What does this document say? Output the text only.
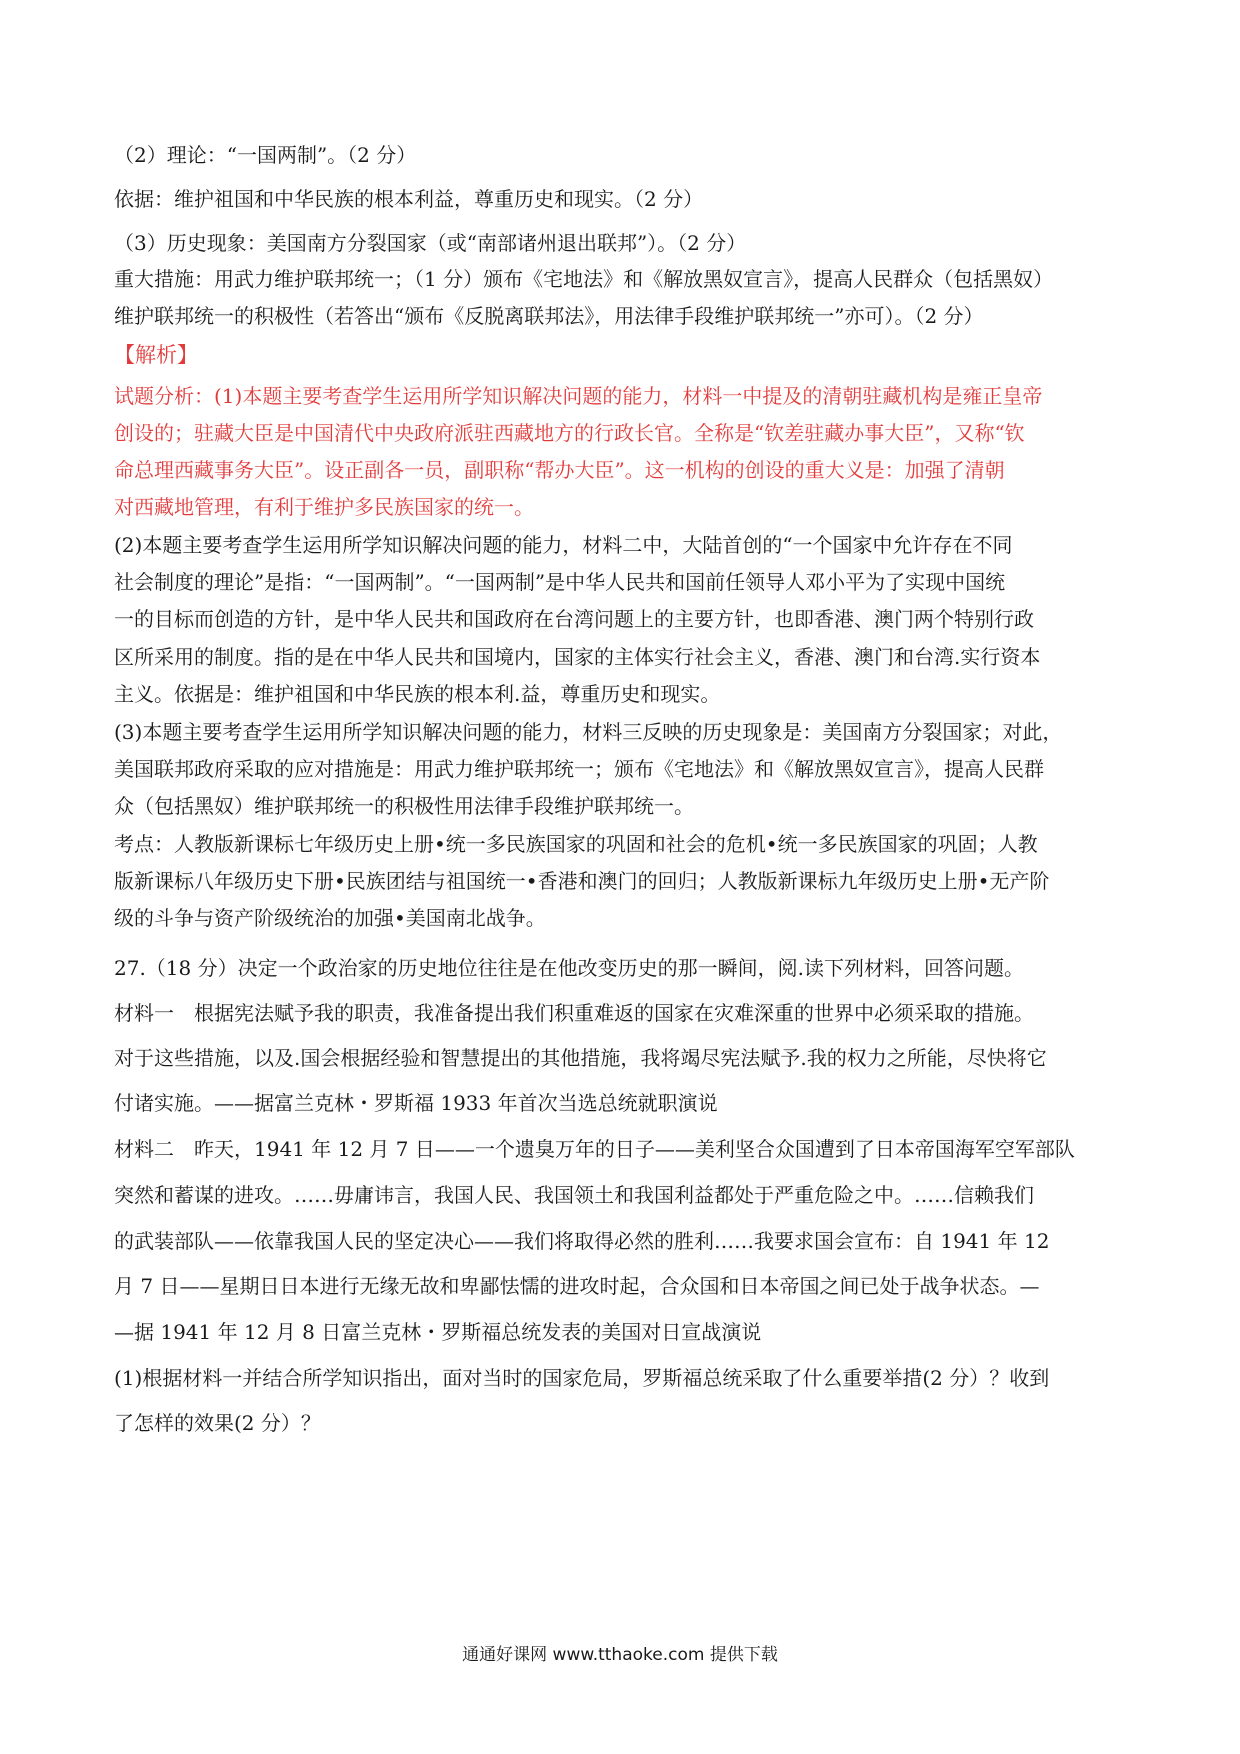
（2）理论：“一国两制”。（2 分）
依据：维护祖国和中华民族的根本利益，尊重历史和现实。（2 分）
（3）历史现象：美国南方分裂国家（或“南部诸州退出联邦”）。（2 分）
重大措施：用武力维护联邦统一；（1 分）颁布《宅地法》和《解放黑奴宣言》，提高人民群众（包括黑奴）
维护联邦统一的积极性（若答出“颁布《反脱离联邦法》，用法律手段维护联邦统一”亦可）。（2 分）
【解析】
试题分析：(1)本题主要考查学生运用所学知识解决问题的能力，材料一中提及的清朝驻藏机构是雍正皇帝
创设的；驻藏大臣是中国清代中央政府派驻西藏地方的行政长官。全称是“钦差驻藏办事大臣”，又称“钦
命总理西藏事务大臣”。设正副各一员，副职称“帮办大臣”。这一机构的创设的重大义是：加强了清朝
对西藏地管理，有利于维护多民族国家的统一。
(2)本题主要考查学生运用所学知识解决问题的能力，材料二中，大陆首创的“一个国家中允许存在不同
社会制度的理论”是指：“一国两制”。“一国两制”是中华人民共和国前任领导人邓小平为了实现中国统
一的目标而创造的方针，是中华人民共和国政府在台湾问题上的主要方针，也即香港、澳门两个特别行政
区所采用的制度。指的是在中华人民共和国境内，国家的主体实行社会主义，香港、澳门和台湾.实行资本
主义。依据是：维护祖国和中华民族的根本利.益，尊重历史和现实。
(3)本题主要考查学生运用所学知识解决问题的能力，材料三反映的历史现象是：美国南方分裂国家；对此，
美国联邦政府采取的应对措施是：用武力维护联邦统一；颁布《宅地法》和《解放黑奴宣言》，提高人民群
众（包括黑奴）维护联邦统一的积极性用法律手段维护联邦统一。
考点：人教版新课标七年级历史上册•统一多民族国家的巩固和社会的危机•统一多民族国家的巩固；人教
版新课标八年级历史下册•民族团结与祖国统一•香港和澳门的回归；人教版新课标九年级历史上册•无产阶
级的斗争与资产阶级统治的加强•美国南北战争。
27.（18 分）决定一个政治家的历史地位往往是在他改变历史的那一瞬间，阅.读下列材料，回答问题。
材料一　根据宪法赋予我的职责，我准备提出我们积重难返的国家在灾难深重的世界中必须采取的措施。
对于这些措施，以及.国会根据经验和智慧提出的其他措施，我将竭尽宪法赋予.我的权力之所能，尽快将它
付诸实施。——据富兰克林・罗斯福 1933 年首次当选总统就职演说
材料二　昨天，1941 年 12 月 7 日——一个遗臭万年的日子——美利坚合众国遭到了日本帝国海军空军部队
突然和蓄谋的进攻。……毋庸讳言，我国人民、我国领土和我国利益都处于严重危险之中。……信赖我们
的武装部队——依靠我国人民的坚定决心——我们将取得必然的胜利……我要求国会宣布：自 1941 年 12
月 7 日——星期日日本进行无缘无故和卑鄙怯懦的进攻时起，合众国和日本帝国之间已处于战争状态。—
—据 1941 年 12 月 8 日富兰克林・罗斯福总统发表的美国对日宣战演说
(1)根据材料一并结合所学知识指出，面对当时的国家危局，罗斯福总统采取了什么重要举措(2 分）？收到
了怎样的效果(2 分）？
通通好课网 www.tthaoke.com 提供下载
